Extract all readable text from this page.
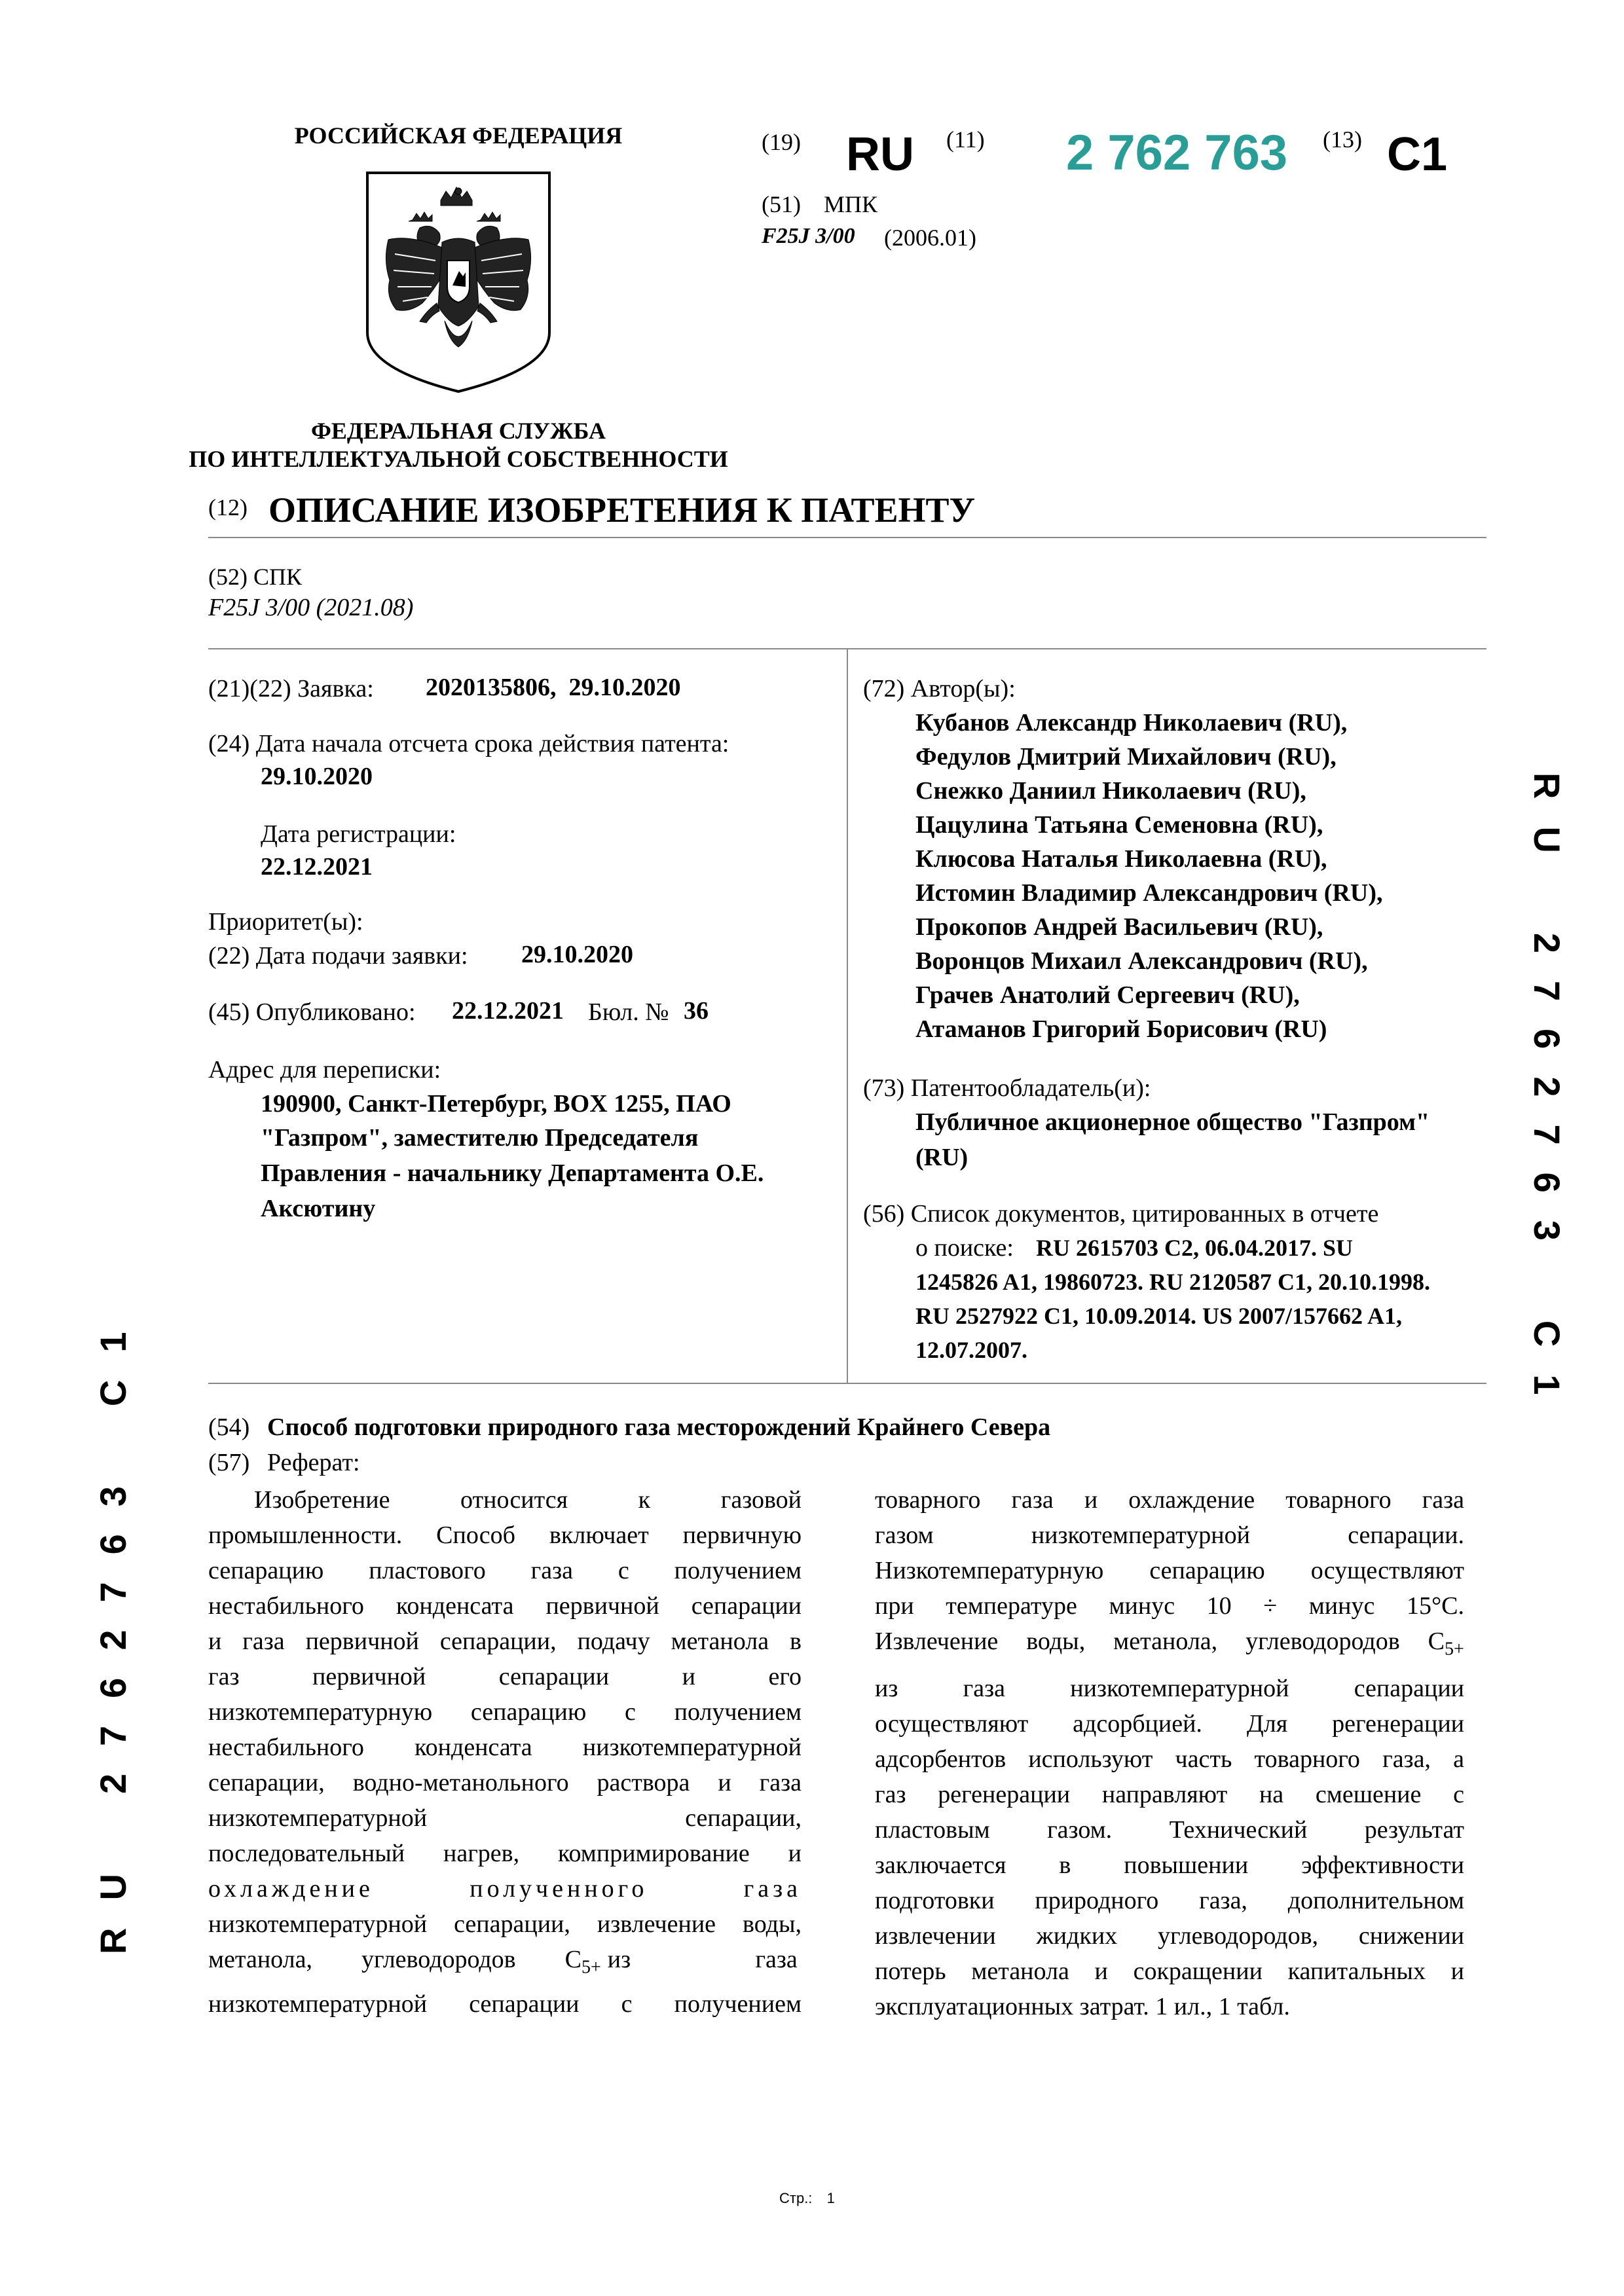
РОССИЙСКАЯ ФЕДЕРАЦИЯ
ФЕДЕРАЛЬНАЯ СЛУЖБА
ПО ИНТЕЛЛЕКТУАЛЬНОЙ СОБСТВЕННОСТИ
(19) RU (11) 2 762 763 (13) C1
(51) МПК
F25J 3/00 (2006.01)
(12) ОПИСАНИЕ ИЗОБРЕТЕНИЯ К ПАТЕНТУ
(52) СПК
F25J 3/00 (2021.08)
(21)(22) Заявка: 2020135806,  29.10.2020
(24) Дата начала отсчета срока действия патента:
29.10.2020
Дата регистрации:
22.12.2021
Приоритет(ы):
(22) Дата подачи заявки: 29.10.2020
(45) Опубликовано: 22.12.2021 Бюл. № 36
Адрес для переписки:
190900, Санкт-Петербург, BOX 1255, ПАО
"Газпром", заместителю Председателя
Правления - начальнику Департамента О.Е.
Аксютину
(72) Автор(ы):
Кубанов Александр Николаевич (RU),
Федулов Дмитрий Михайлович (RU),
Снежко Даниил Николаевич (RU),
Цацулина Татьяна Семеновна (RU),
Клюсова Наталья Николаевна (RU),
Истомин Владимир Александрович (RU),
Прокопов Андрей Васильевич (RU),
Воронцов Михаил Александрович (RU),
Грачев Анатолий Сергеевич (RU),
Атаманов Григорий Борисович (RU)
(73) Патентообладатель(и):
Публичное акционерное общество "Газпром"
(RU)
(56) Список документов, цитированных в отчете
о поиске: RU 2615703 C2, 06.04.2017. SU
1245826 A1, 19860723. RU 2120587 C1, 20.10.1998.
RU 2527922 C1, 10.09.2014. US 2007/157662 A1,
12.07.2007.
(54) Способ подготовки природного газа месторождений Крайнего Севера
(57) Реферат:
Изобретение относится к газовой
промышленности. Способ включает первичную
сепарацию пластового газа с получением
нестабильного конденсата первичной сепарации
и газа первичной сепарации, подачу метанола в
газ первичной сепарации и его
низкотемпературную сепарацию с получением
нестабильного конденсата низкотемпературной
сепарации, водно-метанольного раствора и газа
низкотемпературной сепарации,
последовательный нагрев, компримирование и
охлаждение полученного газа
низкотемпературной сепарации, извлечение воды,
метанола, углеводородов $C_{5+}$ из газа
низкотемпературной сепарации с получением
товарного газа и охлаждение товарного газа
газом низкотемпературной сепарации.
Низкотемпературную сепарацию осуществляют
при температуре минус 10 ÷ минус 15°C.
Извлечение воды, метанола, углеводородов $C_{5+}$
из газа низкотемпературной сепарации
осуществляют адсорбцией. Для регенерации
адсорбентов используют часть товарного газа, а
газ регенерации направляют на смешение с
пластовым газом. Технический результат
заключается в повышении эффективности
подготовки природного газа, дополнительном
извлечении жидких углеводородов, снижении
потерь метанола и сокращении капитальных и
эксплуатационных затрат. 1 ил., 1 табл.
RU2762763C1
RU2762763C1
Стр.: 1
